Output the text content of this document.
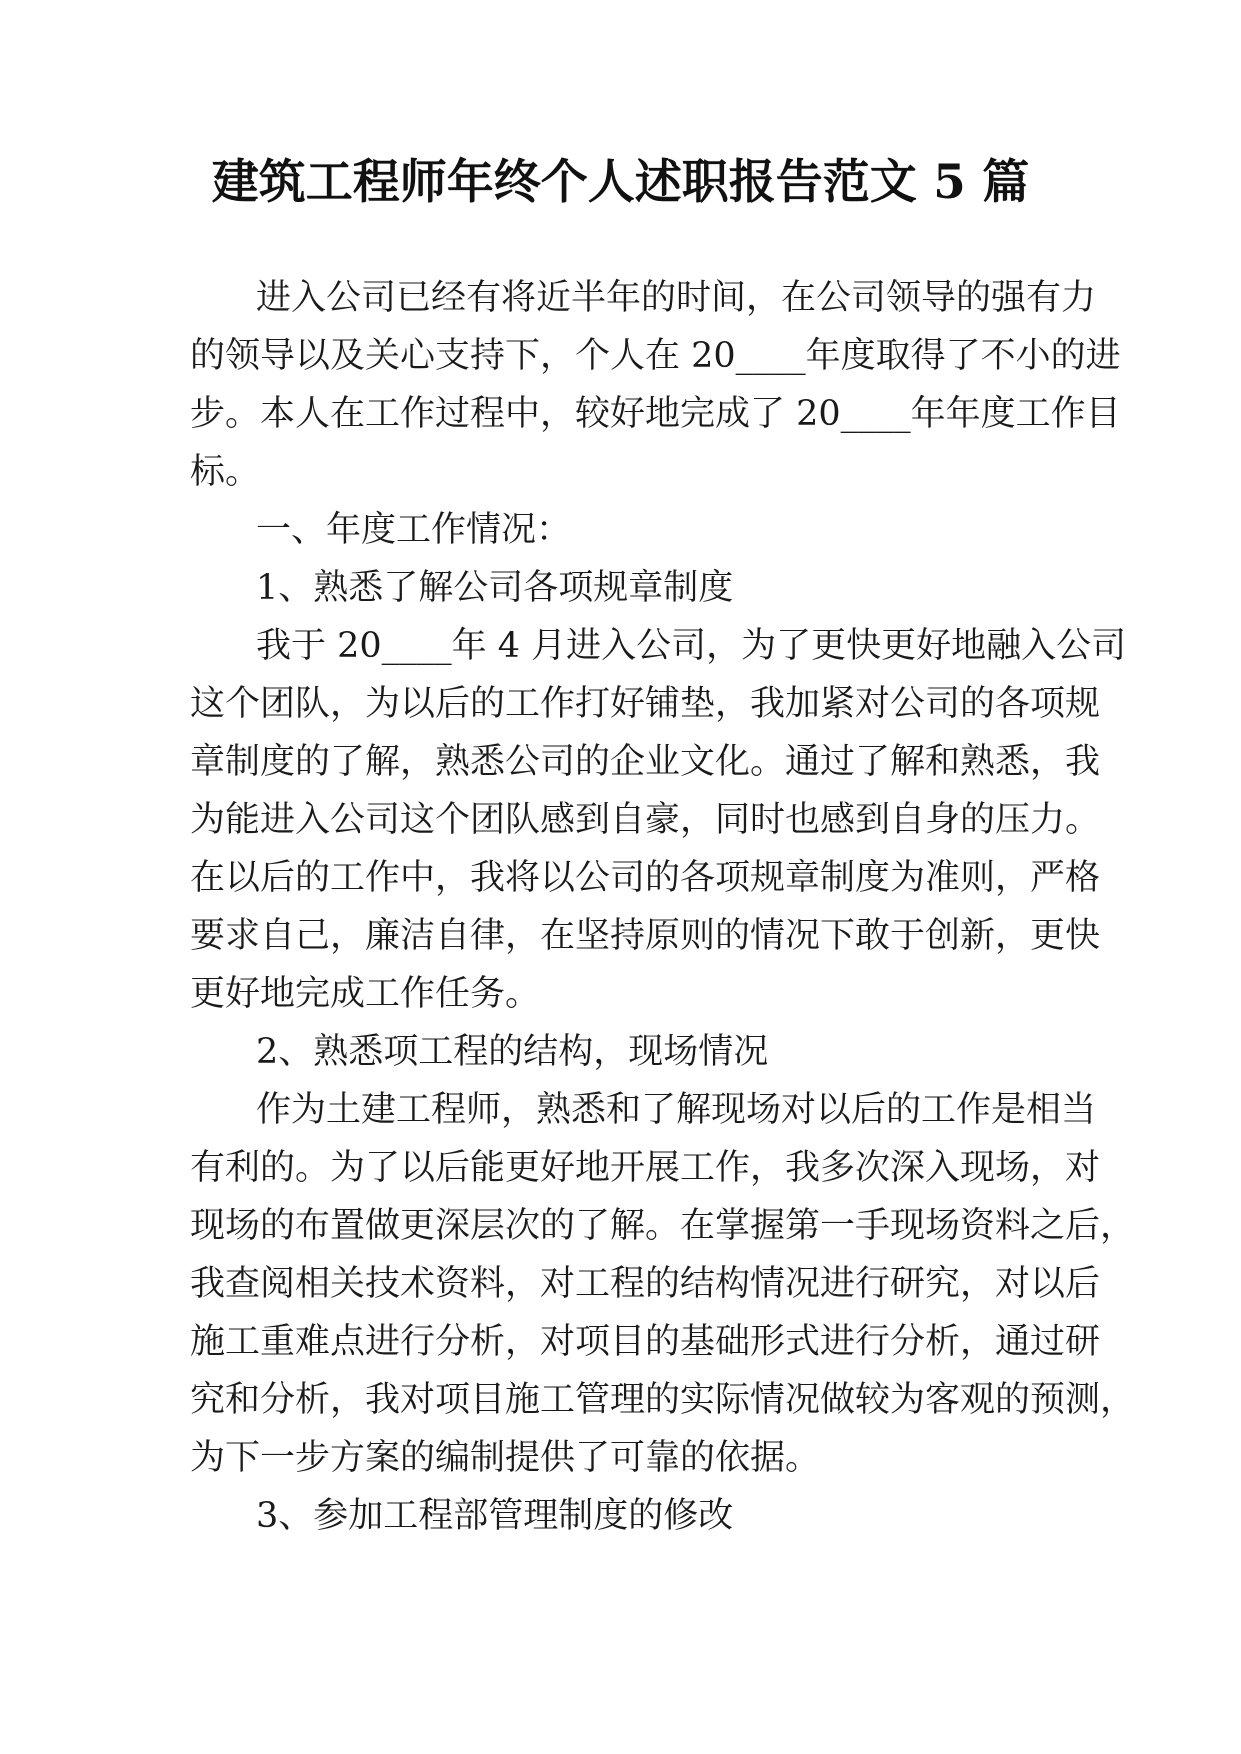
建筑工程师年终个人述职报告范文 5 篇
进入公司已经有将近半年的时间，在公司领导的强有力
的领导以及关心支持下，个人在 20____年度取得了不小的进
步。本人在工作过程中，较好地完成了 20____年年度工作目
标。
一、年度工作情况：
1、熟悉了解公司各项规章制度
我于 20____年 4 月进入公司，为了更快更好地融入公司
这个团队，为以后的工作打好铺垫，我加紧对公司的各项规
章制度的了解，熟悉公司的企业文化。通过了解和熟悉，我
为能进入公司这个团队感到自豪，同时也感到自身的压力。
在以后的工作中，我将以公司的各项规章制度为准则，严格
要求自己，廉洁自律，在坚持原则的情况下敢于创新，更快
更好地完成工作任务。
2、熟悉项工程的结构，现场情况
作为土建工程师，熟悉和了解现场对以后的工作是相当
有利的。为了以后能更好地开展工作，我多次深入现场，对
现场的布置做更深层次的了解。在掌握第一手现场资料之后，
我查阅相关技术资料，对工程的结构情况进行研究，对以后
施工重难点进行分析，对项目的基础形式进行分析，通过研
究和分析，我对项目施工管理的实际情况做较为客观的预测，
为下一步方案的编制提供了可靠的依据。
3、参加工程部管理制度的修改
